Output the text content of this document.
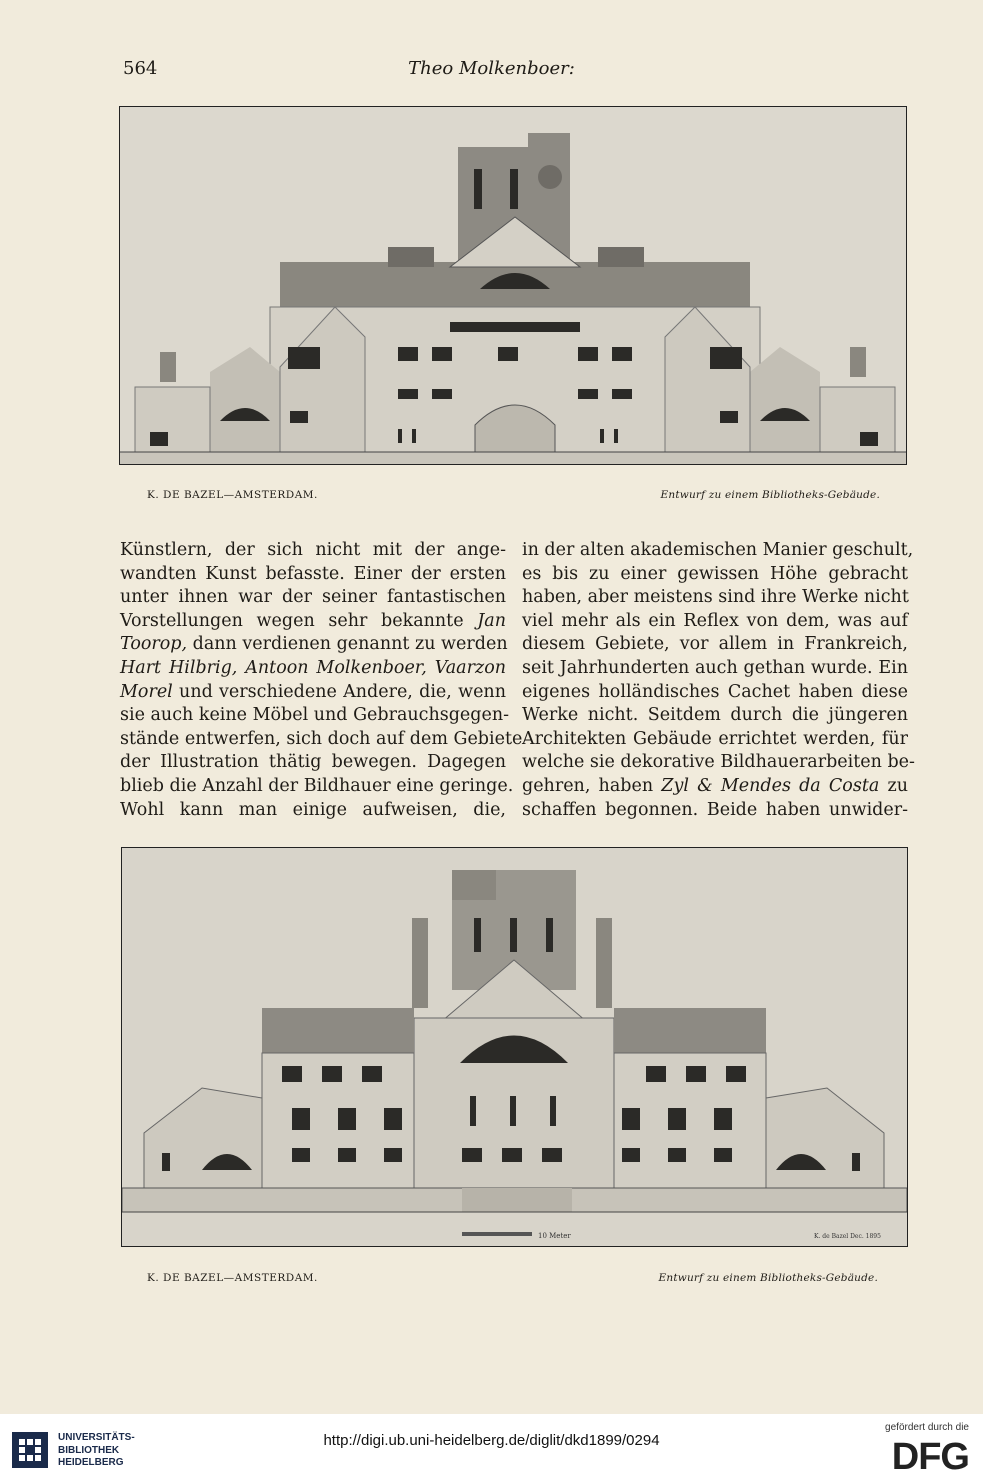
564	Theo Molkenboer:
K. DE BAZEL—AMSTERDAM.	Entwurf zu einem Bibliotheks-Gebäude.
Künstlern, der sich nicht mit der ange-
wandten Kunst befasste. Einer der ersten
unter ihnen war der seiner fantastischen
Vorstellungen wegen sehr bekannte Jan
Toorop, dann verdienen genannt zu werden
Hart Hilbrig, Antoon Molkenboer, Vaarzon
Morel und verschiedene Andere, die, wenn
sie auch keine Möbel und Gebrauchsgegen-
stände entwerfen, sich doch auf dem Gebiete
der Illustration thätig bewegen. Dagegen
blieb die Anzahl der Bildhauer eine geringe.
Wohl kann man einige aufweisen, die,
in der alten akademischen Manier geschult,
es bis zu einer gewissen Höhe gebracht
haben, aber meistens sind ihre Werke nicht
viel mehr als ein Reflex von dem, was auf
diesem Gebiete, vor allem in Frankreich,
seit Jahrhunderten auch gethan wurde. Ein
eigenes holländisches Cachet haben diese
Werke nicht. Seitdem durch die jüngeren
Architekten Gebäude errichtet werden, für
welche sie dekorative Bildhauerarbeiten be-
gehren, haben Zyl & Mendes da Costa zu
schaffen begonnen. Beide haben unwider-
10 Meter	K. de Bazel Dec. 1895
K. DE BAZEL—AMSTERDAM.	Entwurf zu einem Bibliotheks-Gebäude.
UNIVERSITÄTS-
BIBLIOTHEK
HEIDELBERG
http://digi.ub.uni-heidelberg.de/diglit/dkd1899/0294
gefördert durch die
DFG
